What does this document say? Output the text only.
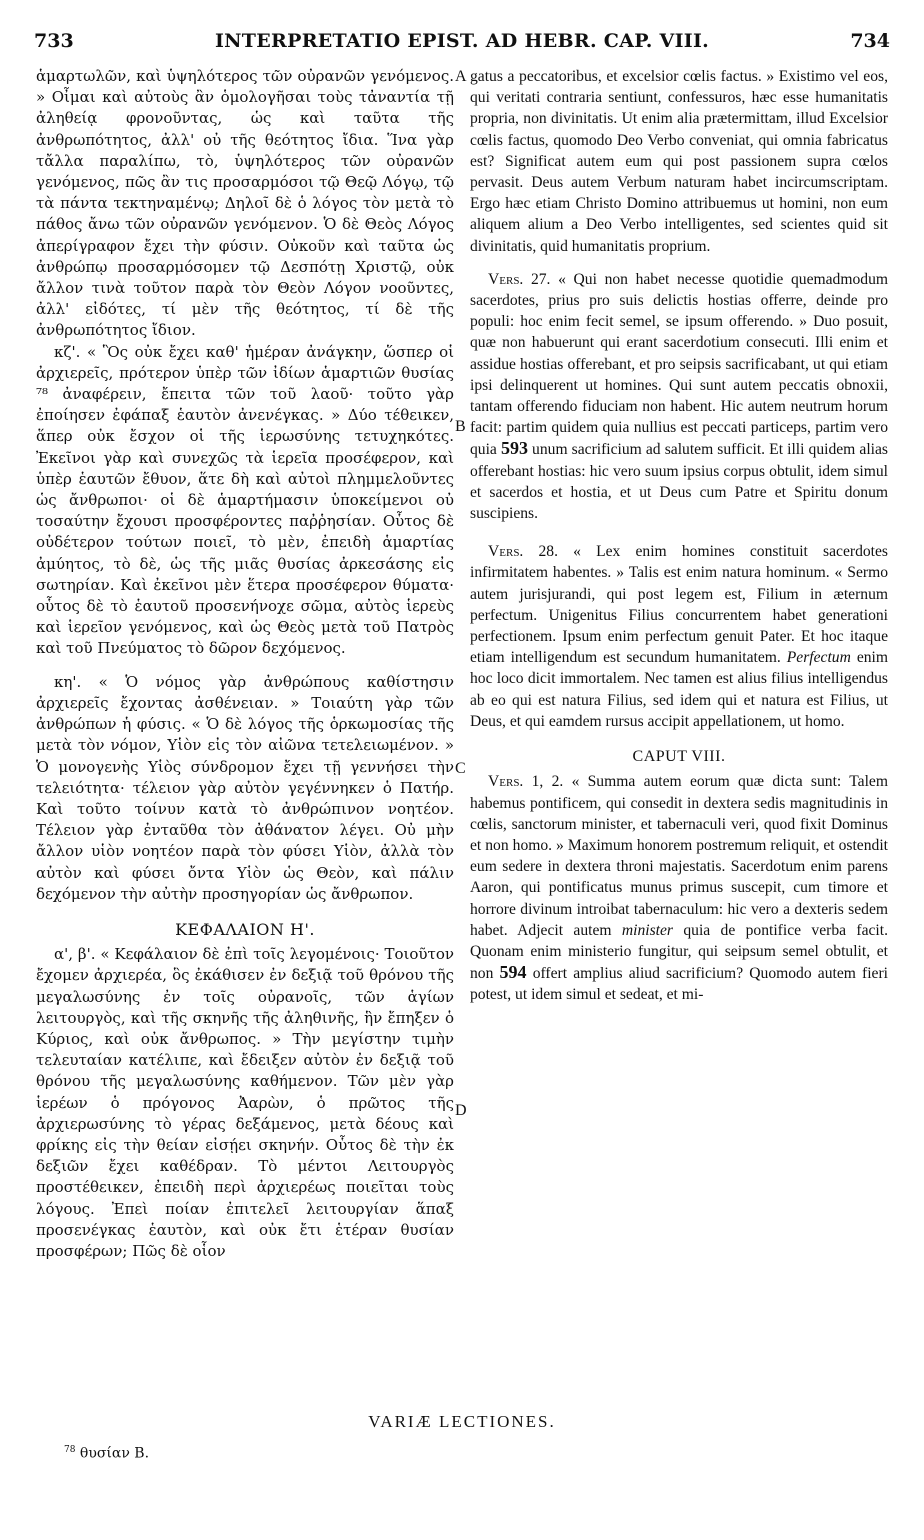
733	INTERPRETATIO EPIST. AD HEBR. CAP. VIII.	734
A
B
C
D

ἁμαρτωλῶν, καὶ ὑψηλότερος τῶν οὐρανῶν γενόμενος. » Οἶμαι καὶ αὐτοὺς ἂν ὁμολογῆσαι τοὺς τἀναντία τῇ ἀληθείᾳ φρονοῦντας, ὡς καὶ ταῦτα τῆς ἀνθρωπότητος, ἀλλ' οὐ τῆς θεότητος ἴδια. Ἵνα γὰρ τἄλλα παραλίπω, τὸ, ὑψηλότερος τῶν οὐρανῶν γενόμενος, πῶς ἂν τις προσαρμόσοι τῷ Θεῷ Λόγῳ, τῷ τὰ πάντα τεκτηναμένῳ; Δηλοῖ δὲ ὁ λόγος τὸν μετὰ τὸ πάθος ἄνω τῶν οὐρανῶν γενόμενον. Ὁ δὲ Θεὸς Λόγος ἀπερίγραφον ἔχει τὴν φύσιν. Οὐκοῦν καὶ ταῦτα ὡς ἀνθρώπῳ προσαρμόσομεν τῷ Δεσπότῃ Χριστῷ, οὐκ ἄλλον τινὰ τοῦτον παρὰ τὸν Θεὸν Λόγον νοοῦντες, ἀλλ' εἰδότες, τί μὲν τῆς θεότητος, τί δὲ τῆς ἀνθρωπότητος ἴδιον.

κζ'. « Ὃς οὐκ ἔχει καθ' ἡμέραν ἀνάγκην, ὥσπερ οἱ ἀρχιερεῖς, πρότερον ὑπὲρ τῶν ἰδίων ἁμαρτιῶν θυσίας ⁷⁸ ἀναφέρειν, ἔπειτα τῶν τοῦ λαοῦ· τοῦτο γὰρ ἐποίησεν ἐφάπαξ ἑαυτὸν ἀνενέγκας. » Δύο τέθεικεν, ἅπερ οὐκ ἔσχον οἱ τῆς ἱερωσύνης τετυχηκότες. Ἐκεῖνοι γὰρ καὶ συνεχῶς τὰ ἱερεῖα προσέφερον, καὶ ὑπὲρ ἑαυτῶν ἔθυον, ἅτε δὴ καὶ αὐτοὶ πλημμελοῦντες ὡς ἄνθρωποι· οἱ δὲ ἁμαρτήμασιν ὑποκείμενοι οὐ τοσαύτην ἔχουσι προσφέροντες παῤῥησίαν. Οὗτος δὲ οὐδέτερον τούτων ποιεῖ, τὸ μὲν, ἐπειδὴ ἁμαρτίας ἀμύητος, τὸ δὲ, ὡς τῆς μιᾶς θυσίας ἀρκεσάσης εἰς σωτηρίαν. Καὶ ἐκεῖνοι μὲν ἕτερα προσέφερον θύματα· οὗτος δὲ τὸ ἑαυτοῦ προσενήνοχε σῶμα, αὐτὸς ἱερεὺς καὶ ἱερεῖον γενόμενος, καὶ ὡς Θεὸς μετὰ τοῦ Πατρὸς καὶ τοῦ Πνεύματος τὸ δῶρον δεχόμενος.

κη'. « Ὁ νόμος γὰρ ἀνθρώπους καθίστησιν ἀρχιερεῖς ἔχοντας ἀσθένειαν. » Τοιαύτη γὰρ τῶν ἀνθρώπων ἡ φύσις. « Ὁ δὲ λόγος τῆς ὁρκωμοσίας τῆς μετὰ τὸν νόμον, Υἱὸν εἰς τὸν αἰῶνα τετελειωμένον. » Ὁ μονογενὴς Υἱὸς σύνδρομον ἔχει τῇ γεννήσει τὴν τελειότητα· τέλειον γὰρ αὐτὸν γεγέννηκεν ὁ Πατήρ. Καὶ τοῦτο τοίνυν κατὰ τὸ ἀνθρώπινον νοητέον. Τέλειον γὰρ ἐνταῦθα τὸν ἀθάνατον λέγει. Οὐ μὴν ἄλλον υἱὸν νοητέον παρὰ τὸν φύσει Υἱὸν, ἀλλὰ τὸν αὐτὸν καὶ φύσει ὄντα Υἱὸν ὡς Θεὸν, καὶ πάλιν δεχόμενον τὴν αὐτὴν προσηγορίαν ὡς ἄνθρωπον.

ΚΕΦΑΛΑΙΟΝ Η'.

α', β'. « Κεφάλαιον δὲ ἐπὶ τοῖς λεγομένοις· Τοιοῦτον ἔχομεν ἀρχιερέα, ὃς ἐκάθισεν ἐν δεξιᾷ τοῦ θρόνου τῆς μεγαλωσύνης ἐν τοῖς οὐρανοῖς, τῶν ἁγίων λειτουργὸς, καὶ τῆς σκηνῆς τῆς ἀληθινῆς, ἣν ἔπηξεν ὁ Κύριος, καὶ οὐκ ἄνθρωπος. » Τὴν μεγίστην τιμὴν τελευταίαν κατέλιπε, καὶ ἔδειξεν αὐτὸν ἐν δεξιᾷ τοῦ θρόνου τῆς μεγαλωσύνης καθήμενον. Τῶν μὲν γὰρ ἱερέων ὁ πρόγονος Ἀαρὼν, ὁ πρῶτος τῆς ἀρχιερωσύνης τὸ γέρας δεξάμενος, μετὰ δέους καὶ φρίκης εἰς τὴν θείαν εἰσῄει σκηνήν. Οὗτος δὲ τὴν ἐκ δεξιῶν ἔχει καθέδραν. Τὸ μέντοι Λειτουργὸς προστέθεικεν, ἐπειδὴ περὶ ἀρχιερέως ποιεῖται τοὺς λόγους. Ἐπεὶ ποίαν ἐπιτελεῖ λειτουργίαν ἅπαξ προσενέγκας ἑαυτὸν, καὶ οὐκ ἔτι ἑτέραν θυσίαν προσφέρων; Πῶς δὲ οἷον

gatus a peccatoribus, et excelsior cœlis factus. » Existimo vel eos, qui veritati contraria sentiunt, confessuros, hæc esse humanitatis propria, non divinitatis. Ut enim alia prætermittam, illud Excelsior cœlis factus, quomodo Deo Verbo conveniat, qui omnia fabricatus est? Significat autem eum qui post passionem supra cœlos pervasit. Deus autem Verbum naturam habet incircumscriptam. Ergo hæc etiam Christo Domino attribuemus ut homini, non eum aliquem alium a Deo Verbo intelligentes, sed scientes quid sit divinitatis, quid humanitatis proprium.

Vers. 27. « Qui non habet necesse quotidie quemadmodum sacerdotes, prius pro suis delictis hostias offerre, deinde pro populi: hoc enim fecit semel, se ipsum offerendo. » Duo posuit, quæ non habuerunt qui erant sacerdotium consecuti. Illi enim et assidue hostias offerebant, et pro seipsis sacrificabant, ut qui etiam ipsi delinquerent ut homines. Qui sunt autem peccatis obnoxii, tantam offerendo fiduciam non habent. Hic autem neutrum horum facit: partim quidem quia nullius est peccati particeps, partim vero quia 593 unum sacrificium ad salutem sufficit. Et illi quidem alias offerebant hostias: hic vero suum ipsius corpus obtulit, idem simul et sacerdos et hostia, et ut Deus cum Patre et Spiritu donum suscipiens.

Vers. 28. « Lex enim homines constituit sacerdotes infirmitatem habentes. » Talis est enim natura hominum. « Sermo autem jurisjurandi, qui post legem est, Filium in æternum perfectum. Unigenitus Filius concurrentem habet generationi perfectionem. Ipsum enim perfectum genuit Pater. Et hoc itaque etiam intelligendum est secundum humanitatem. Perfectum enim hoc loco dicit immortalem. Nec tamen est alius filius intelligendus ab eo qui est natura Filius, sed idem qui et natura est Filius, ut Deus, et qui eamdem rursus accipit appellationem, ut homo.

CAPUT VIII.

Vers. 1, 2. « Summa autem eorum quæ dicta sunt: Talem habemus pontificem, qui consedit in dextera sedis magnitudinis in cœlis, sanctorum minister, et tabernaculi veri, quod fixit Dominus et non homo. » Maximum honorem postremum reliquit, et ostendit eum sedere in dextera throni majestatis. Sacerdotum enim parens Aaron, qui pontificatus munus primus suscepit, cum timore et horrore divinum introibat tabernaculum: hic vero a dexteris sedem habet. Adjecit autem minister quia de pontifice verba facit. Quonam enim ministerio fungitur, qui seipsum semel obtulit, et non 594 offert amplius aliud sacrificium? Quomodo autem fieri potest, ut idem simul et sedeat, et mi-

VARIÆ LECTIONES.
$^{78}$ θυσίαν B.
